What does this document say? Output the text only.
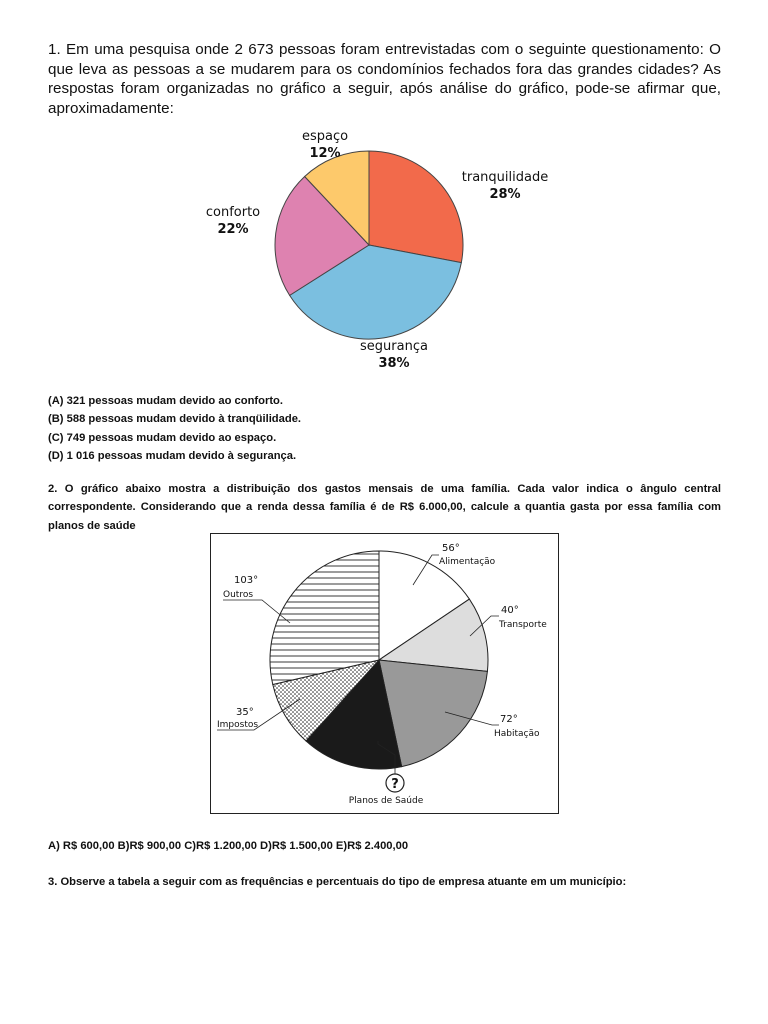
1. Em uma pesquisa onde 2 673 pessoas foram entrevistadas com o seguinte questionamento: O que leva as pessoas a se mudarem para os condomínios fechados fora das grandes cidades? As respostas foram organizadas no gráfico a seguir, após análise do gráfico, pode-se afirmar que, aproximadamente:
espaço
12%
tranquilidade
28%
conforto
22%
segurança
38%
(A) 321 pessoas mudam devido ao conforto.
(B) 588 pessoas mudam devido à tranqüilidade.
(C) 749 pessoas mudam devido ao espaço.
(D) 1 016 pessoas mudam devido à segurança.
2. O gráfico abaixo mostra a distribuição dos gastos mensais de uma família. Cada valor indica o ângulo central correspondente. Considerando que a renda dessa família é de R$ 6.000,00, calcule a quantia gasta por essa família com planos de saúde
?
Planos de Saúde
56°
Alimentação
40°
Transporte
72°
Habitação
103°
Outros
35°
Impostos
A) R$ 600,00 B)R$ 900,00 C)R$ 1.200,00 D)R$ 1.500,00 E)R$ 2.400,00
3. Observe a tabela a seguir com as frequências e percentuais do tipo de empresa atuante em um município:
